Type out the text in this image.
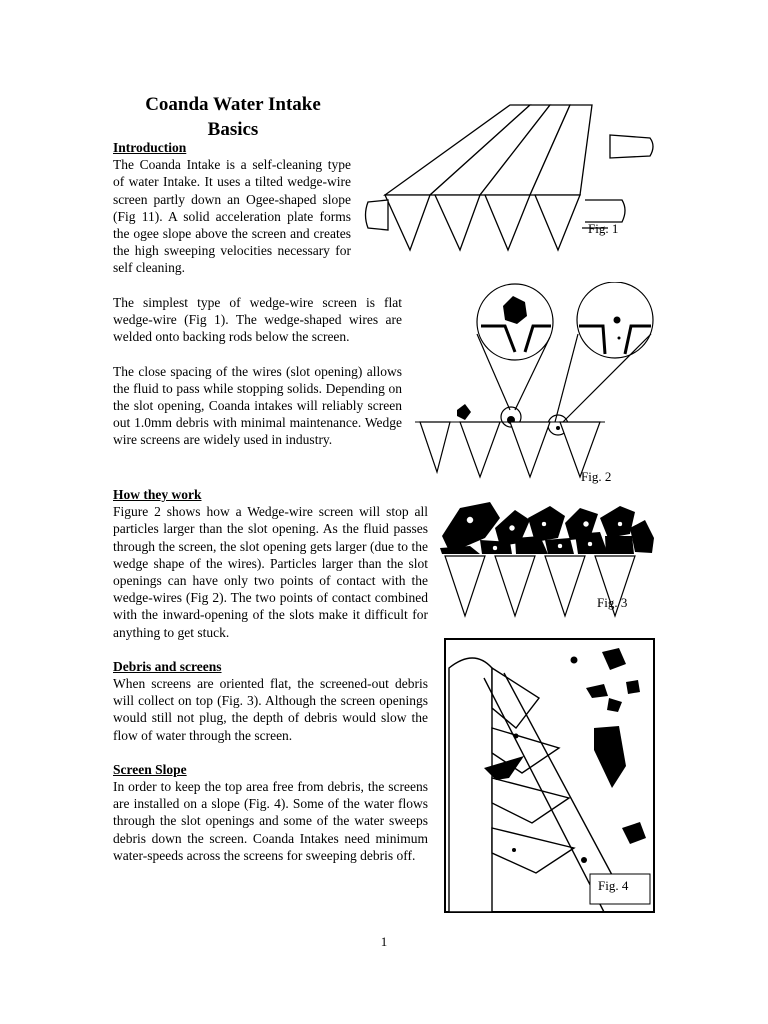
Coanda Water Intake
Basics

Introduction

The Coanda Intake is a self-cleaning type of water Intake. It uses a tilted wedge-wire screen partly down an Ogee-shaped slope (Fig 11). A solid acceleration plate forms the ogee slope above the screen and creates the high sweeping velocities necessary for self cleaning.

The simplest type of wedge-wire screen is flat wedge-wire (Fig 1). The wedge-shaped wires are welded onto backing rods below the screen.

The close spacing of the wires (slot opening) allows the fluid to pass while stopping solids. Depending on the slot opening, Coanda intakes will reliably screen out 1.0mm debris with minimal maintenance. Wedge wire screens are widely used in industry.

How they work

Figure 2 shows how a Wedge-wire screen will stop all particles larger than the slot opening. As the fluid passes through the screen, the slot opening gets larger (due to the wedge shape of the wires). Particles larger than the slot openings can have only two points of contact with the wedge-wires (Fig 2). The two points of contact combined with the inward-opening of the slots make it difficult for anything to get stuck.

Debris and screens

When screens are oriented flat, the screened-out debris will collect on top (Fig. 3). Although the screen openings would still not plug, the depth of debris would slow the flow of water through the screen.

Screen Slope

In order to keep the top area free from debris, the screens are installed on a slope (Fig. 4). Some of the water flows through the slot openings and some of the water sweeps debris down the screen. Coanda Intakes need minimum water-speeds across the screens for sweeping debris off.

Fig. 1
Fig. 2
Fig. 3
Fig. 4
1
